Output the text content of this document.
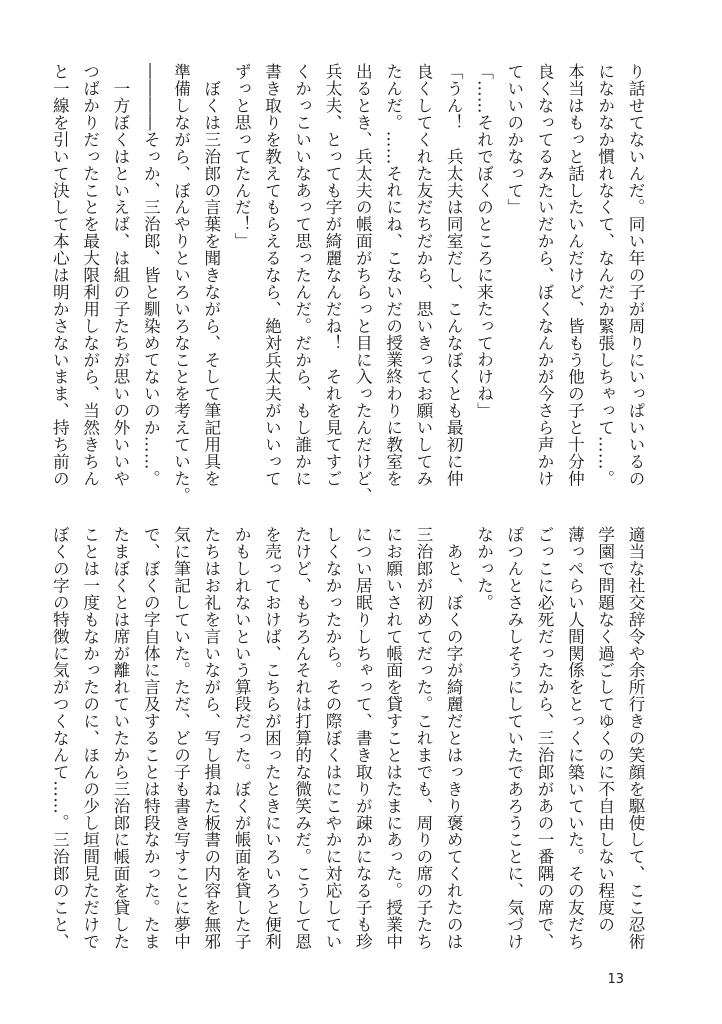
り話せてないんだ。同い年の子が周りにいっぱいいるの

になかなか慣れなくて、なんだか緊張しちゃって……。

本当はもっと話したいんだけど、皆もう他の子と十分仲

良くなってるみたいだから、ぼくなんかが今さら声かけ

ていいのかなって」

「……それでぼくのところに来たってわけね」

「うん！　兵太夫は同室だし、こんなぼくとも最初に仲

良くしてくれた友だちだから、思いきってお願いしてみ

たんだ。……それにね、こないだの授業終わりに教室を

出るとき、兵太夫の帳面がちらっと目に入ったんだけど、

兵太夫、とっても字が綺麗なんだね！　それを見てすご

くかっこいいなあって思ったんだ。だから、もし誰かに

書き取りを教えてもらえるなら、絶対兵太夫がいいって

ずっと思ってたんだ！」

　ぼくは三治郎の言葉を聞きながら、そして筆記用具を

準備しながら、ぼんやりといろいろなことを考えていた。

――――そっか、三治郎、皆と馴染めてないのか……。

　一方ぼくはといえば、は組の子たちが思いの外いいや

つばかりだったことを最大限利用しながら、当然きちん

と一線を引いて決して本心は明かさないまま、持ち前の

適当な社交辞令や余所行きの笑顔を駆使して、ここ忍術

学園で問題なく過ごしてゆくのに不自由しない程度の

薄っぺらい人間関係をとっくに築いていた。その友だち

ごっこに必死だったから、三治郎があの一番隅の席で、

ぽつんとさみしそうにしていたであろうことに、気づけ

なかった。

　あと、ぼくの字が綺麗だとはっきり褒めてくれたのは

三治郎が初めてだった。これまでも、周りの席の子たち

にお願いされて帳面を貸すことはたまにあった。授業中

につい居眠りしちゃって、書き取りが疎かになる子も珍

しくなかったから。その際ぼくはにこやかに対応してい

たけど、もちろんそれは打算的な微笑みだ。こうして恩

を売っておけば、こちらが困ったときにいろいろと便利

かもしれないという算段だった。ぼくが帳面を貸した子

たちはお礼を言いながら、写し損ねた板書の内容を無邪

気に筆記していた。ただ、どの子も書き写すことに夢中

で、ぼくの字自体に言及することは特段なかった。たま

たまぼくとは席が離れていたから三治郎に帳面を貸した

ことは一度もなかったのに、ほんの少し垣間見ただけで

ぼくの字の特徴に気がつくなんて……。三治郎のこと、

13
